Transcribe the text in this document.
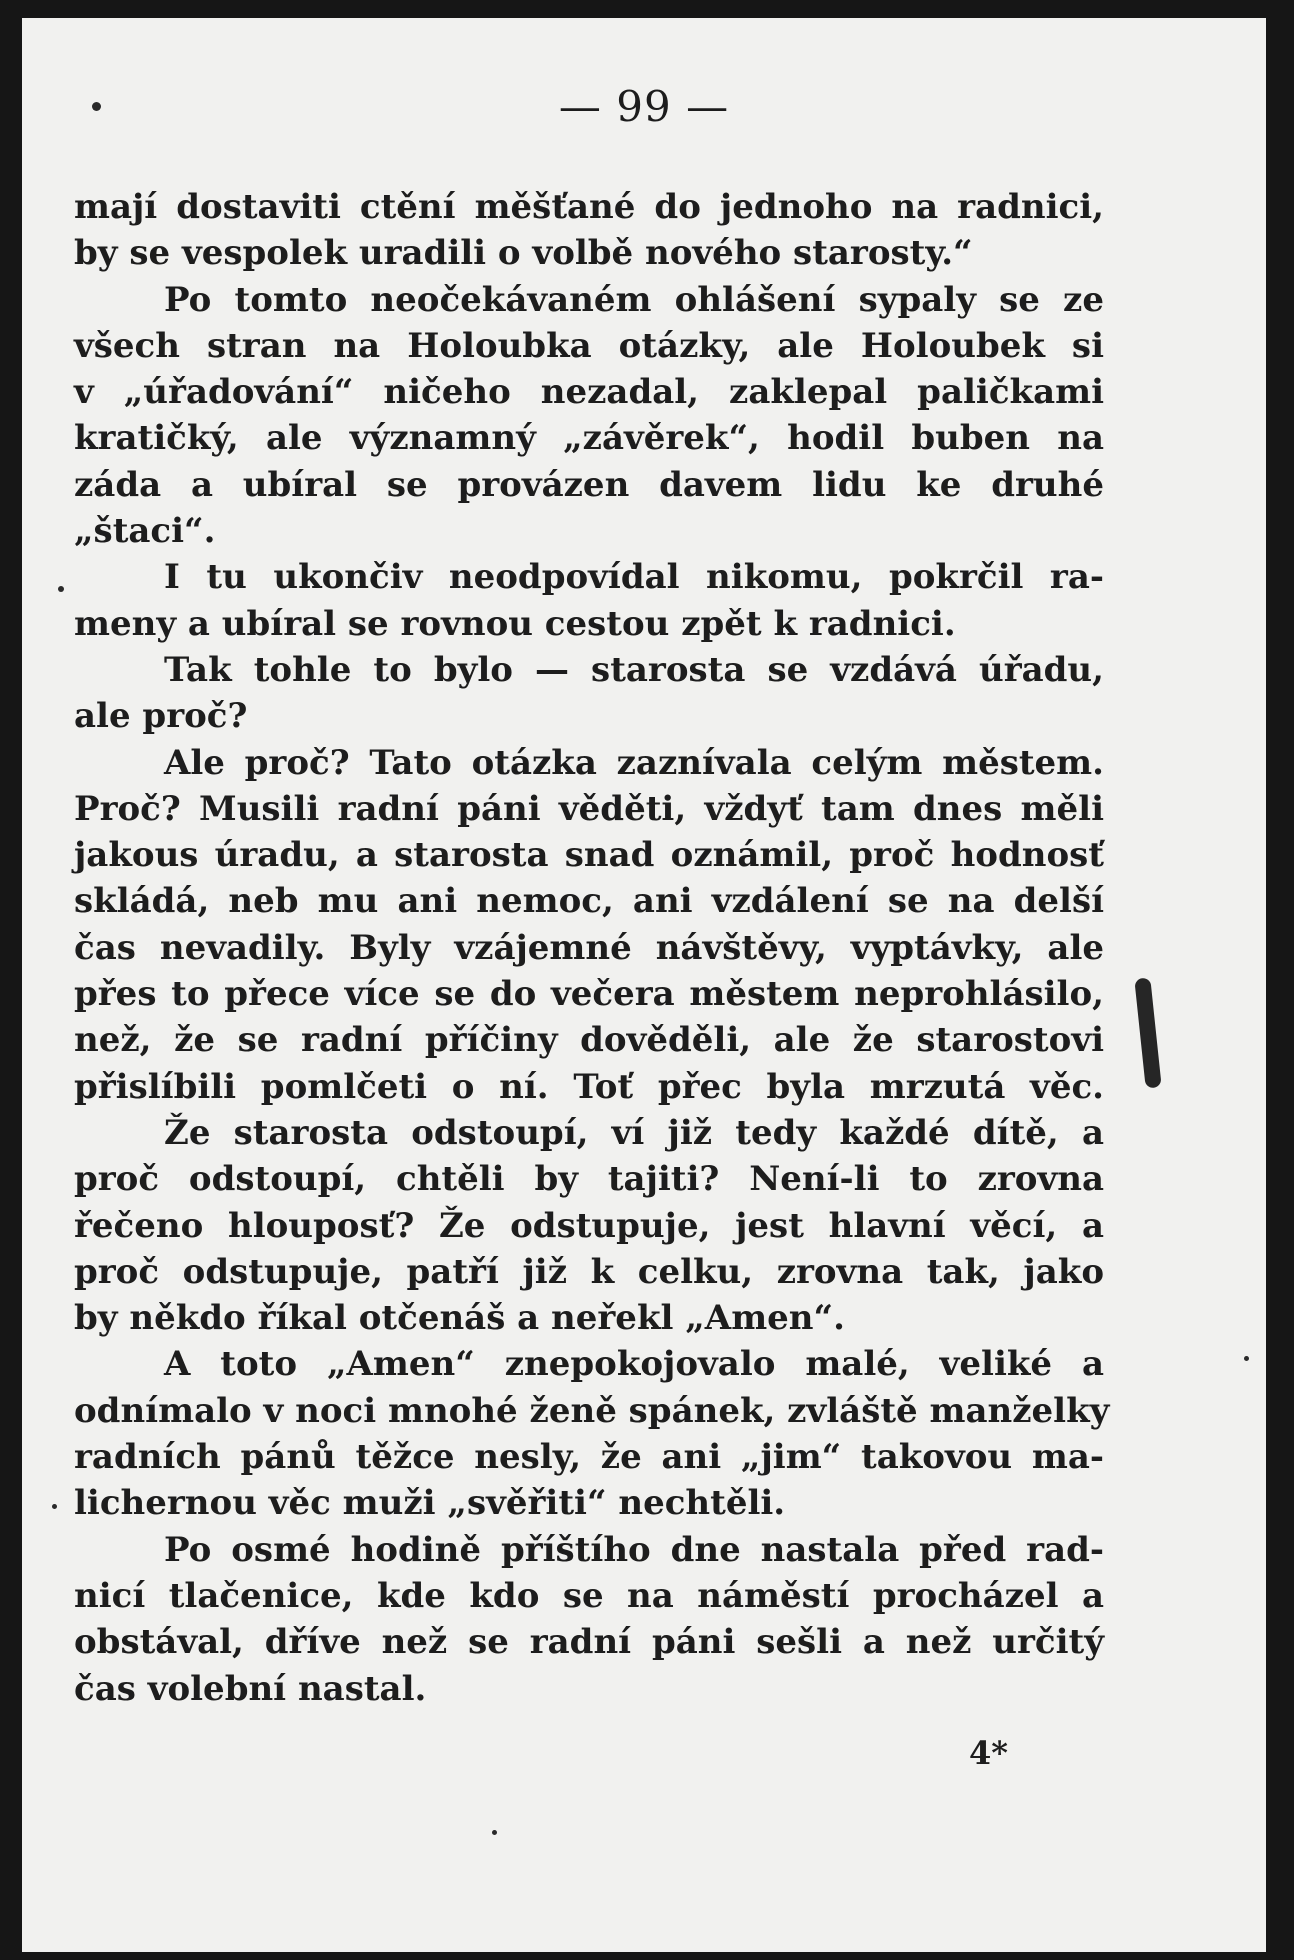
— 99 —
mají dostaviti ctění měšťané do jednoho na radnici,
by se vespolek uradili o volbě nového starosty.“
Po tomto neočekávaném ohlášení sypaly se ze
všech stran na Holoubka otázky, ale Holoubek si
v „úřadování“ ničeho nezadal, zaklepal paličkami
kratičký, ale významný „závěrek“, hodil buben na
záda a ubíral se provázen davem lidu ke druhé
„štaci“.
I tu ukončiv neodpovídal nikomu, pokrčil ra-
meny a ubíral se rovnou cestou zpět k radnici.
Tak tohle to bylo — starosta se vzdává úřadu,
ale proč?
Ale proč? Tato otázka zaznívala celým městem.
Proč? Musili radní páni věděti, vždyť tam dnes měli
jakous úradu, a starosta snad oznámil, proč hodnosť
skládá, neb mu ani nemoc, ani vzdálení se na delší
čas nevadily. Byly vzájemné návštěvy, vyptávky, ale
přes to přece více se do večera městem neprohlásilo,
než, že se radní příčiny dověděli, ale že starostovi
přislíbili pomlčeti o ní. Toť přec byla mrzutá věc.
Že starosta odstoupí, ví již tedy každé dítě, a
proč odstoupí, chtěli by tajiti? Není-li to zrovna
řečeno hlouposť? Že odstupuje, jest hlavní věcí, a
proč odstupuje, patří již k celku, zrovna tak, jako
by někdo říkal otčenáš a neřekl „Amen“.
A toto „Amen“ znepokojovalo malé, veliké a
odnímalo v noci mnohé ženě spánek, zvláště manželky
radních pánů těžce nesly, že ani „jim“ takovou ma-
lichernou věc muži „svěřiti“ nechtěli.
Po osmé hodině příštího dne nastala před rad-
nicí tlačenice, kde kdo se na náměstí procházel a
obstával, dříve než se radní páni sešli a než určitý
čas volební nastal.
4*
